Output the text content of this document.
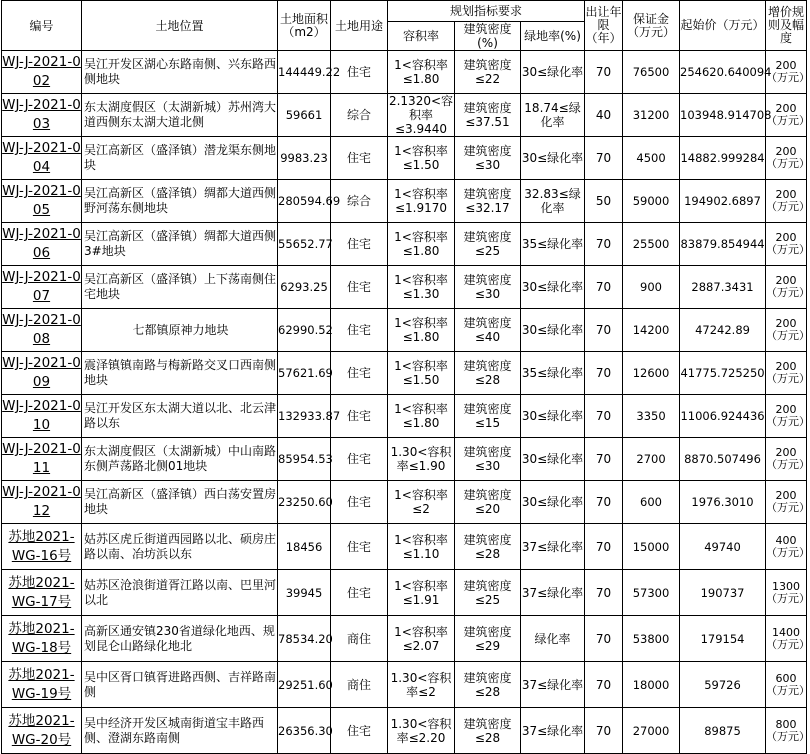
编号	土地位置	土地面积（m2）	土地用途	规划指标要求			出让年限（年）	保证金（万元）	起始价（万元）	增价规则及幅度
				容积率	建筑密度(%)	绿地率(%)				
WJ-J-2021-002	吴江开发区湖心东路南侧、兴东路西侧地块	144449.22	住宅	1<容积率≤1.80	建筑密度≤22	30≤绿化率	70	76500	254620.640094	200（万元）
WJ-J-2021-003	东太湖度假区（太湖新城）苏州湾大道西侧东太湖大道北侧	59661	综合	2.1320<容积率≤3.9440	建筑密度≤37.51	18.74≤绿化率	40	31200	103948.914708	200（万元）
WJ-J-2021-004	吴江高新区（盛泽镇）潜龙渠东侧地块	9983.23	住宅	1<容积率≤1.50	建筑密度≤30	30≤绿化率	70	4500	14882.999284	200（万元）
WJ-J-2021-005	吴江高新区（盛泽镇）绸都大道西侧野河荡东侧地块	280594.69	综合	1<容积率≤1.9170	建筑密度≤32.17	32.83≤绿化率	50	59000	194902.6897	200（万元）
WJ-J-2021-006	吴江高新区（盛泽镇）绸都大道西侧3#地块	55652.77	住宅	1<容积率≤1.80	建筑密度≤25	35≤绿化率	70	25500	83879.854944	200（万元）
WJ-J-2021-007	吴江高新区（盛泽镇）上下荡南侧住宅地块	6293.25	住宅	1<容积率≤1.30	建筑密度≤30	30≤绿化率	70	900	2887.3431	200（万元）
WJ-J-2021-008	七都镇原神力地块	62990.52	住宅	1<容积率≤1.80	建筑密度≤40	30≤绿化率	70	14200	47242.89	200（万元）
WJ-J-2021-009	震泽镇镇南路与梅新路交叉口西南侧地块	57621.69	住宅	1<容积率≤1.50	建筑密度≤28	35≤绿化率	70	12600	41775.725250	200（万元）
WJ-J-2021-010	吴江开发区东太湖大道以北、北云津路以东	132933.87	住宅	1<容积率≤1.80	建筑密度≤15	30≤绿化率	70	3350	11006.924436	200（万元）
WJ-J-2021-011	东太湖度假区（太湖新城）中山南路东侧芦荡路北侧01地块	85954.53	住宅	1.30<容积率≤1.90	建筑密度≤30	30≤绿化率	70	2700	8870.507496	200（万元）
WJ-J-2021-012	吴江高新区（盛泽镇）西白荡安置房地块	23250.60	住宅	1<容积率≤2	建筑密度≤20	30≤绿化率	70	600	1976.3010	200（万元）
苏地2021-WG-16号	姑苏区虎丘街道西园路以北、硕房庄路以南、冶坊浜以东	18456	住宅	1<容积率≤1.10	建筑密度≤28	37≤绿化率	70	15000	49740	400（万元）
苏地2021-WG-17号	姑苏区沧浪街道胥江路以南、巴里河以北	39945	住宅	1<容积率≤1.91	建筑密度≤25	37≤绿化率	70	57300	190737	1300（万元）
苏地2021-WG-18号	高新区通安镇230省道绿化地西、规划昆仑山路绿化地北	78534.20	商住	1<容积率≤2.07	建筑密度≤29	绿化率	70	53800	179154	1400（万元）
苏地2021-WG-19号	吴中区胥口镇胥进路西侧、吉祥路南侧	29251.60	商住	1.30<容积率≤2	建筑密度≤28	37≤绿化率	70	18000	59726	600（万元）
苏地2021-WG-20号	吴中经济开发区城南街道宝丰路西侧、澄湖东路南侧	26356.30	住宅	1.30<容积率≤2.20	建筑密度≤28	37≤绿化率	70	27000	89875	800（万元）
